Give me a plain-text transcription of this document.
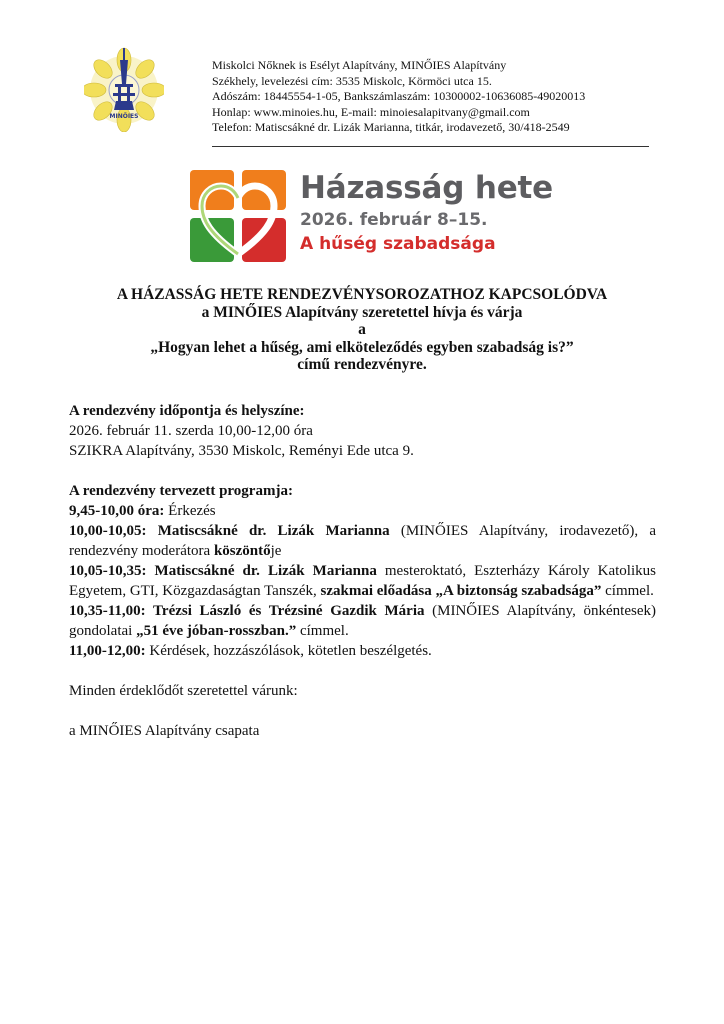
MINŐIES
Miskolci Nőknek is Esélyt Alapítvány, MINŐIES Alapítvány
Székhely, levelezési cím: 3535 Miskolc, Körmöci utca 15.
Adószám: 18445554-1-05, Bankszámlaszám: 10300002-10636085-49020013
Honlap: www.minoies.hu, E-mail: minoiesalapitvany@gmail.com
Telefon: Matiscsákné dr. Lizák Marianna, titkár, irodavezető, 30/418-2549
Házasság hete
2026. február 8–15.
A hűség szabadsága
A HÁZASSÁG HETE RENDEZVÉNYSOROZATHOZ KAPCSOLÓDVA
a MINŐIES Alapítvány szeretettel hívja és várja
a
„Hogyan lehet a hűség, ami elköteleződés egyben szabadság is?”
című rendezvényre.

A rendezvény időpontja és helyszíne:

2026. február 11. szerda 10,00-12,00 óra

SZIKRA Alapítvány, 3530 Miskolc, Reményi Ede utca 9.

A rendezvény tervezett programja:

9,45-10,00 óra: Érkezés

10,00-10,05: Matiscsákné dr. Lizák Marianna (MINŐIES Alapítvány, irodavezető), a rendezvény moderátora köszöntője

10,05-10,35: Matiscsákné dr. Lizák Marianna mesteroktató, Eszterházy Károly Katolikus Egyetem, GTI, Közgazdaságtan Tanszék, szakmai előadása „A biztonság szabadsága” címmel.

10,35-11,00: Trézsi László és Trézsiné Gazdik Mária (MINŐIES Alapítvány, önkéntesek) gondolatai „51 éve jóban-rosszban.” címmel.

11,00-12,00: Kérdések, hozzászólások, kötetlen beszélgetés.

Minden érdeklődőt szeretettel várunk:

a MINŐIES Alapítvány csapata
